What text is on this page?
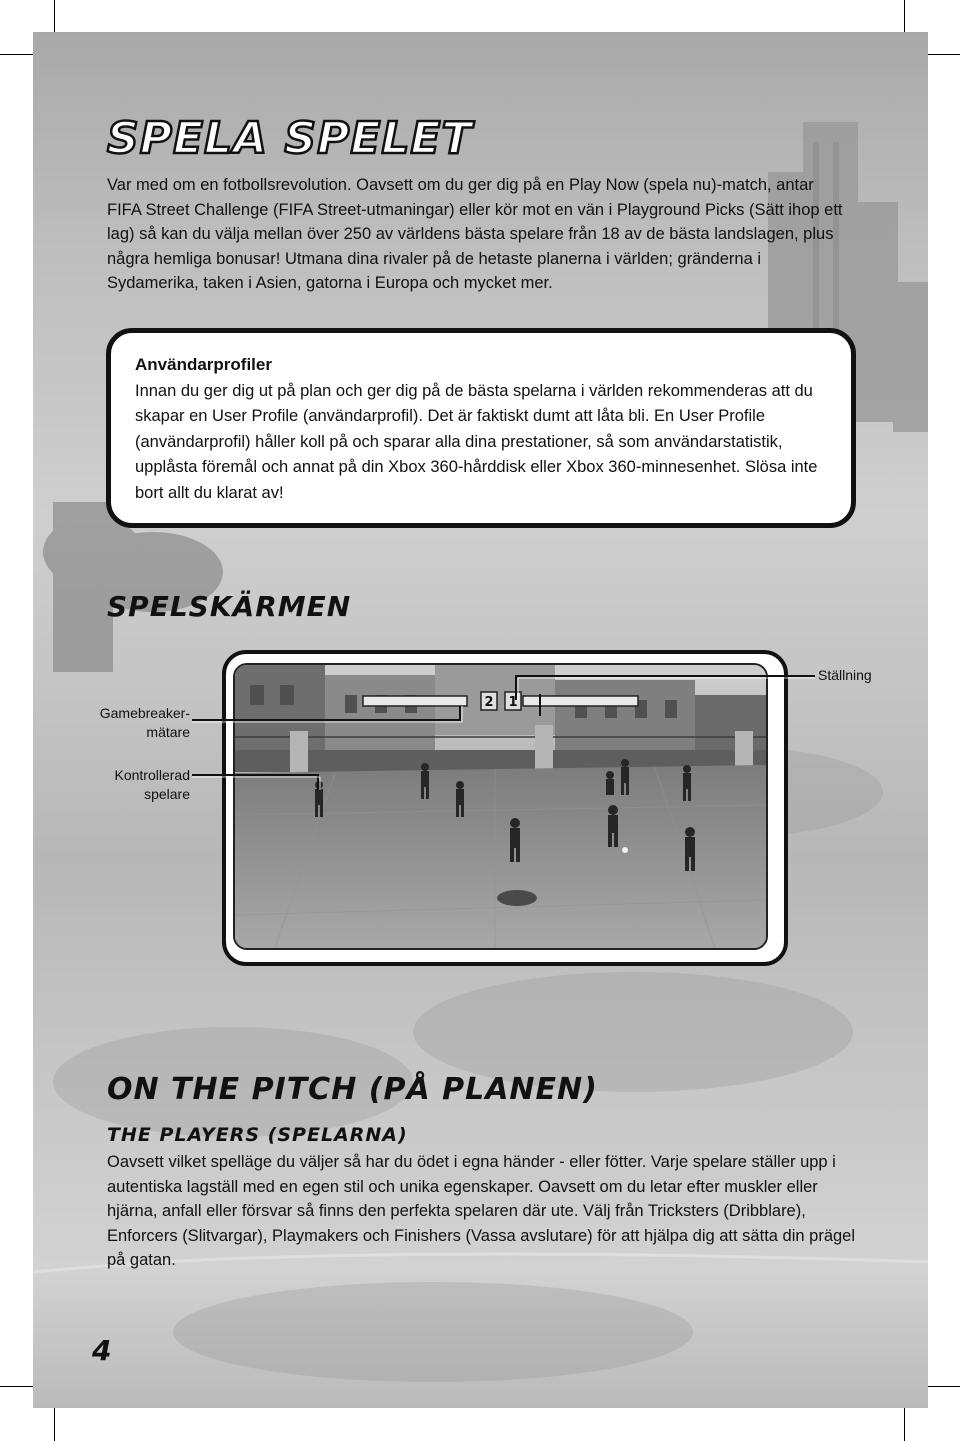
SPELA SPELET

Var med om en fotbollsrevolution. Oavsett om du ger dig på en Play Now (spela nu)-match, antar FIFA Street Challenge (FIFA Street-utmaningar) eller kör mot en vän i Playground Picks (Sätt ihop ett lag) så kan du välja mellan över 250 av världens bästa spelare från 18 av de bästa landslagen, plus några hemliga bonusar! Utmana dina rivaler på de hetaste planerna i världen; gränderna i Sydamerika, taken i Asien, gatorna i Europa och mycket mer.

Användarprofiler

Innan du ger dig ut på plan och ger dig på de bästa spelarna i världen rekommenderas att du skapar en User Profile (användarprofil). Det är faktiskt dumt att låta bli. En User Profile (användarprofil) håller koll på och sparar alla dina prestationer, så som användarstatistik, upplåsta föremål och annat på din Xbox 360-hårddisk eller Xbox 360-minnesenhet. Slösa inte bort allt du klarat av!

SPELSKÄRMEN
2 1

Gamebreaker-
mätare

Kontrollerad
spelare

Ställning

ON THE PITCH (PÅ PLANEN)
THE PLAYERS (SPELARNA)

Oavsett vilket spelläge du väljer så har du ödet i egna händer - eller fötter. Varje spelare ställer upp i autentiska lagställ med en egen stil och unika egenskaper. Oavsett om du letar efter muskler eller hjärna, anfall eller försvar så finns den perfekta spelaren där ute. Välj från Tricksters (Dribblare), Enforcers (Slitvargar), Playmakers och Finishers (Vassa avslutare) för att hjälpa dig att sätta din prägel på gatan.

4
